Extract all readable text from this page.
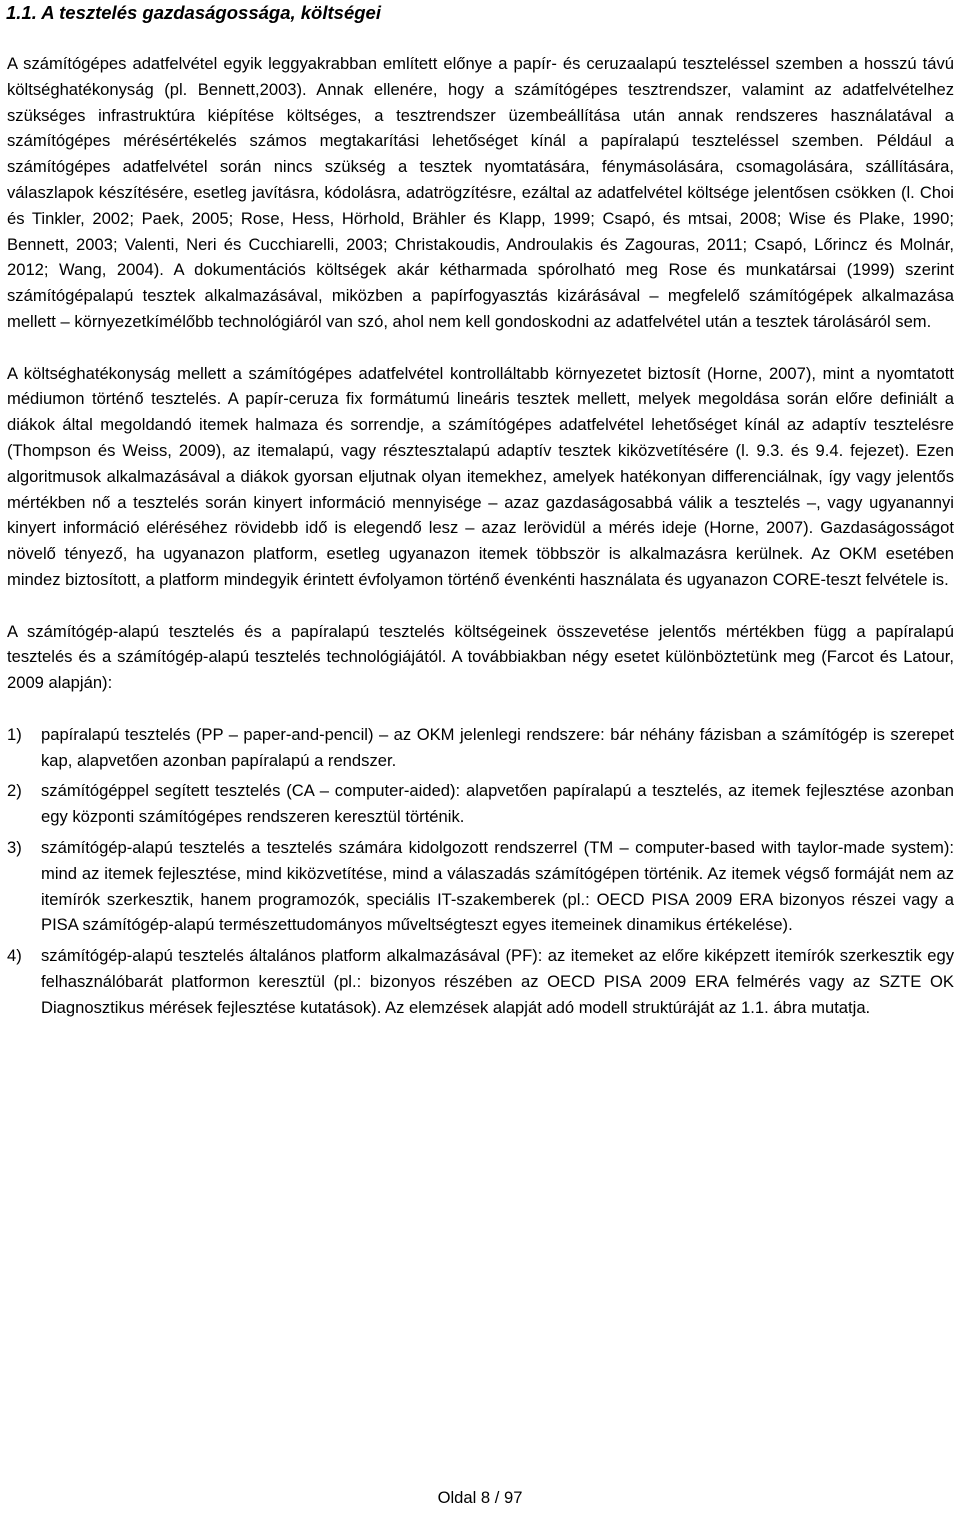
1.1. A tesztelés gazdaságossága, költségei

A számítógépes adatfelvétel egyik leggyakrabban említett előnye a papír- és ceruzaalapú teszteléssel szemben a hosszú távú költséghatékonyság (pl. Bennett,2003). Annak ellenére, hogy a számítógépes tesztrendszer, valamint az adatfelvételhez szükséges infrastruktúra kiépítése költséges, a tesztrendszer üzembeállítása után annak rendszeres használatával a számítógépes mérésértékelés számos megtakarítási lehetőséget kínál a papíralapú teszteléssel szemben. Például a számítógépes adatfelvétel során nincs szükség a tesztek nyomtatására, fénymásolására, csomagolására, szállítására, válaszlapok készítésére, esetleg javításra, kódolásra, adatrögzítésre, ezáltal az adatfelvétel költsége jelentősen csökken (l. Choi és Tinkler, 2002; Paek, 2005; Rose, Hess, Hörhold, Brähler és Klapp, 1999; Csapó, és mtsai, 2008; Wise és Plake, 1990; Bennett, 2003; Valenti, Neri és Cucchiarelli, 2003; Christakoudis, Androulakis és Zagouras, 2011; Csapó, Lőrincz és Molnár, 2012; Wang, 2004). A dokumentációs költségek akár kétharmada spórolható meg Rose és munkatársai (1999) szerint számítógépalapú tesztek alkalmazásával, miközben a papírfogyasztás kizárásával – megfelelő számítógépek alkalmazása mellett – környezetkímélőbb technológiáról van szó, ahol nem kell gondoskodni az adatfelvétel után a tesztek tárolásáról sem.

A költséghatékonyság mellett a számítógépes adatfelvétel kontrolláltabb környezetet biztosít (Horne, 2007), mint a nyomtatott médiumon történő tesztelés. A papír-ceruza fix formátumú lineáris tesztek mellett, melyek megoldása során előre definiált a diákok által megoldandó itemek halmaza és sorrendje, a számítógépes adatfelvétel lehetőséget kínál az adaptív tesztelésre (Thompson és Weiss, 2009), az itemalapú, vagy résztesztalapú adaptív tesztek kiközvetítésére (l. 9.3. és 9.4. fejezet). Ezen algoritmusok alkalmazásával a diákok gyorsan eljutnak olyan itemekhez, amelyek hatékonyan differenciálnak, így vagy jelentős mértékben nő a tesztelés során kinyert információ mennyisége – azaz gazdaságosabbá válik a tesztelés –, vagy ugyanannyi kinyert információ eléréséhez rövidebb idő is elegendő lesz – azaz lerövidül a mérés ideje (Horne, 2007). Gazdaságosságot növelő tényező, ha ugyanazon platform, esetleg ugyanazon itemek többször is alkalmazásra kerülnek. Az OKM esetében mindez biztosított, a platform mindegyik érintett évfolyamon történő évenkénti használata és ugyanazon CORE-teszt felvétele is.

A számítógép-alapú tesztelés és a papíralapú tesztelés költségeinek összevetése jelentős mértékben függ a papíralapú tesztelés és a számítógép-alapú tesztelés technológiájától. A továbbiakban négy esetet különböztetünk meg (Farcot és Latour, 2009 alapján):

1) papíralapú tesztelés (PP – paper-and-pencil) – az OKM jelenlegi rendszere: bár néhány fázisban a számítógép is szerepet kap, alapvetően azonban papíralapú a rendszer.
2) számítógéppel segített tesztelés (CA – computer-aided): alapvetően papíralapú a tesztelés, az itemek fejlesztése azonban egy központi számítógépes rendszeren keresztül történik.
3) számítógép-alapú tesztelés a tesztelés számára kidolgozott rendszerrel (TM – computer-based with taylor-made system): mind az itemek fejlesztése, mind kiközvetítése, mind a válaszadás számítógépen történik. Az itemek végső formáját nem az itemírók szerkesztik, hanem programozók, speciális IT-szakemberek (pl.: OECD PISA 2009 ERA bizonyos részei vagy a PISA számítógép-alapú természettudományos műveltségteszt egyes itemeinek dinamikus értékelése).
4) számítógép-alapú tesztelés általános platform alkalmazásával (PF): az itemeket az előre kiképzett itemírók szerkesztik egy felhasználóbarát platformon keresztül (pl.: bizonyos részében az OECD PISA 2009 ERA felmérés vagy az SZTE OK Diagnosztikus mérések fejlesztése kutatások). Az elemzések alapját adó modell struktúráját az 1.1. ábra mutatja.
Oldal 8 / 97
